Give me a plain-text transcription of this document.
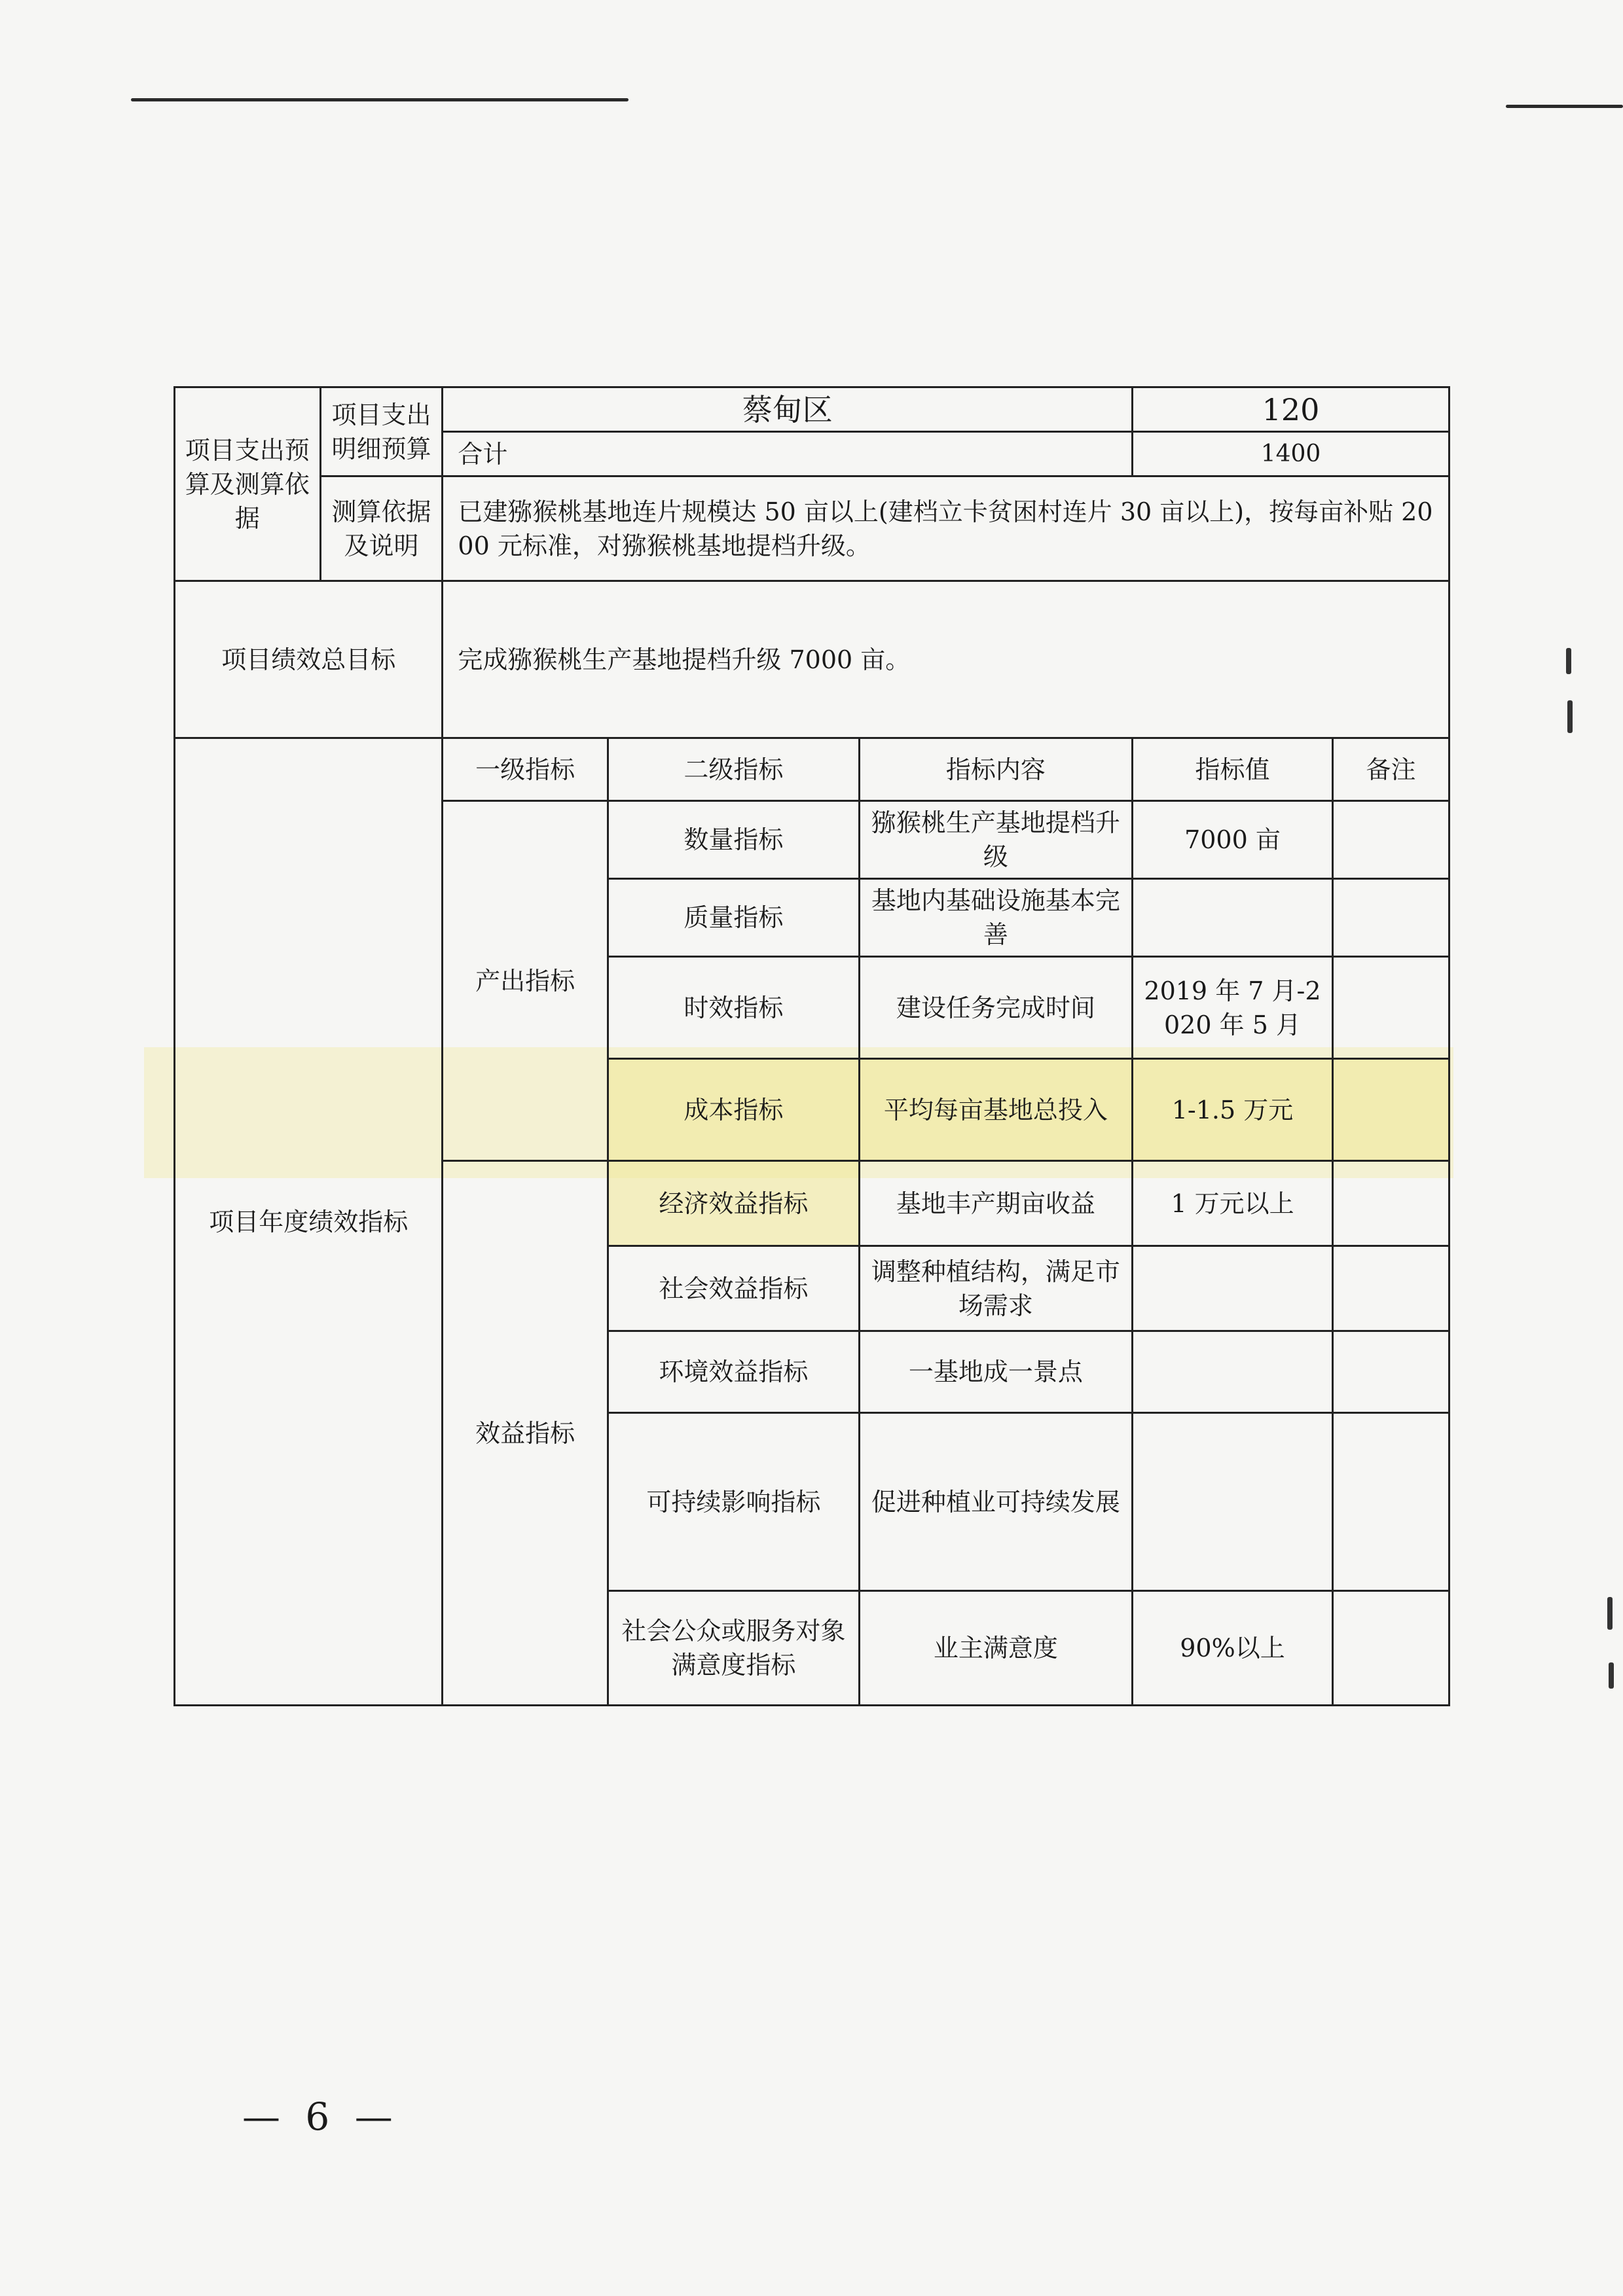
项目支出预算及测算依据	项目支出明细预算	蔡甸区			120	
		合计			1400	
	测算依据及说明	已建猕猴桃基地连片规模达 50 亩以上(建档立卡贫困村连片 30 亩以上)，按每亩补贴 2000 元标准，对猕猴桃基地提档升级。				
项目绩效总目标		完成猕猴桃生产基地提档升级 7000 亩。				
项目年度绩效指标		一级指标	二级指标	指标内容	指标值	备注
		产出指标	数量指标	猕猴桃生产基地提档升级	7000 亩	
			质量指标	基地内基础设施基本完善		
			时效指标	建设任务完成时间	2019 年 7 月-2020 年 5 月	
			成本指标	平均每亩基地总投入	1-1.5 万元	
		效益指标	经济效益指标	基地丰产期亩收益	1 万元以上	
			社会效益指标	调整种植结构，满足市场需求		
			环境效益指标	一基地成一景点		
			可持续影响指标	促进种植业可持续发展		
			社会公众或服务对象满意度指标	业主满意度	90%以上	
— 6 —
